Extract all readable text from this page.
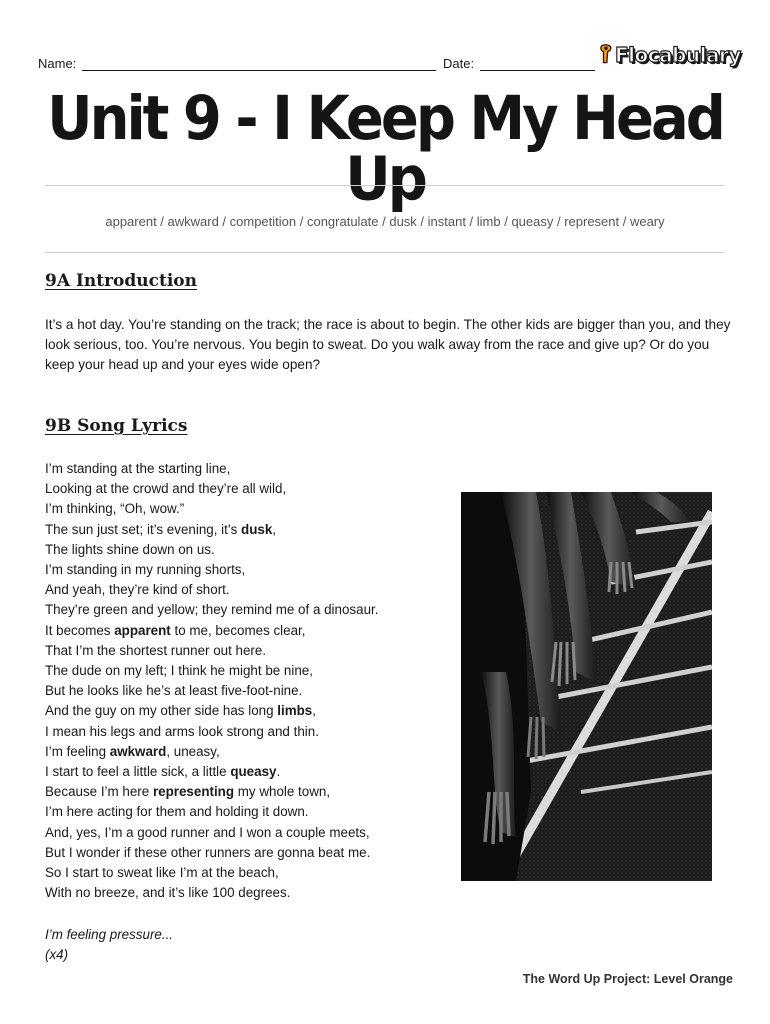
Name:	Date:	Flocabulary
Unit 9 - I Keep My Head Up
apparent / awkward / competition / congratulate / dusk / instant / limb / queasy / represent / weary
9A Introduction
It’s a hot day. You’re standing on the track; the race is about to begin. The other kids are bigger than you, and they look serious, too. You’re nervous. You begin to sweat. Do you walk away from the race and give up? Or do you keep your head up and your eyes wide open?
9B Song Lyrics
I’m standing at the starting line,
Looking at the crowd and they’re all wild,
I’m thinking, “Oh, wow.”
The sun just set; it’s evening, it’s dusk,
The lights shine down on us.
I’m standing in my running shorts,
And yeah, they’re kind of short.
They’re green and yellow; they remind me of a dinosaur.
It becomes apparent to me, becomes clear,
That I’m the shortest runner out here.
The dude on my left; I think he might be nine,
But he looks like he’s at least five-foot-nine.
And the guy on my other side has long limbs,
I mean his legs and arms look strong and thin.
I’m feeling awkward, uneasy,
I start to feel a little sick, a little queasy.
Because I’m here representing my whole town,
I’m here acting for them and holding it down.
And, yes, I’m a good runner and I won a couple meets,
But I wonder if these other runners are gonna beat me.
So I start to sweat like I’m at the beach,
With no breeze, and it’s like 100 degrees.
I’m feeling pressure...
(x4)
The Word Up Project: Level Orange
